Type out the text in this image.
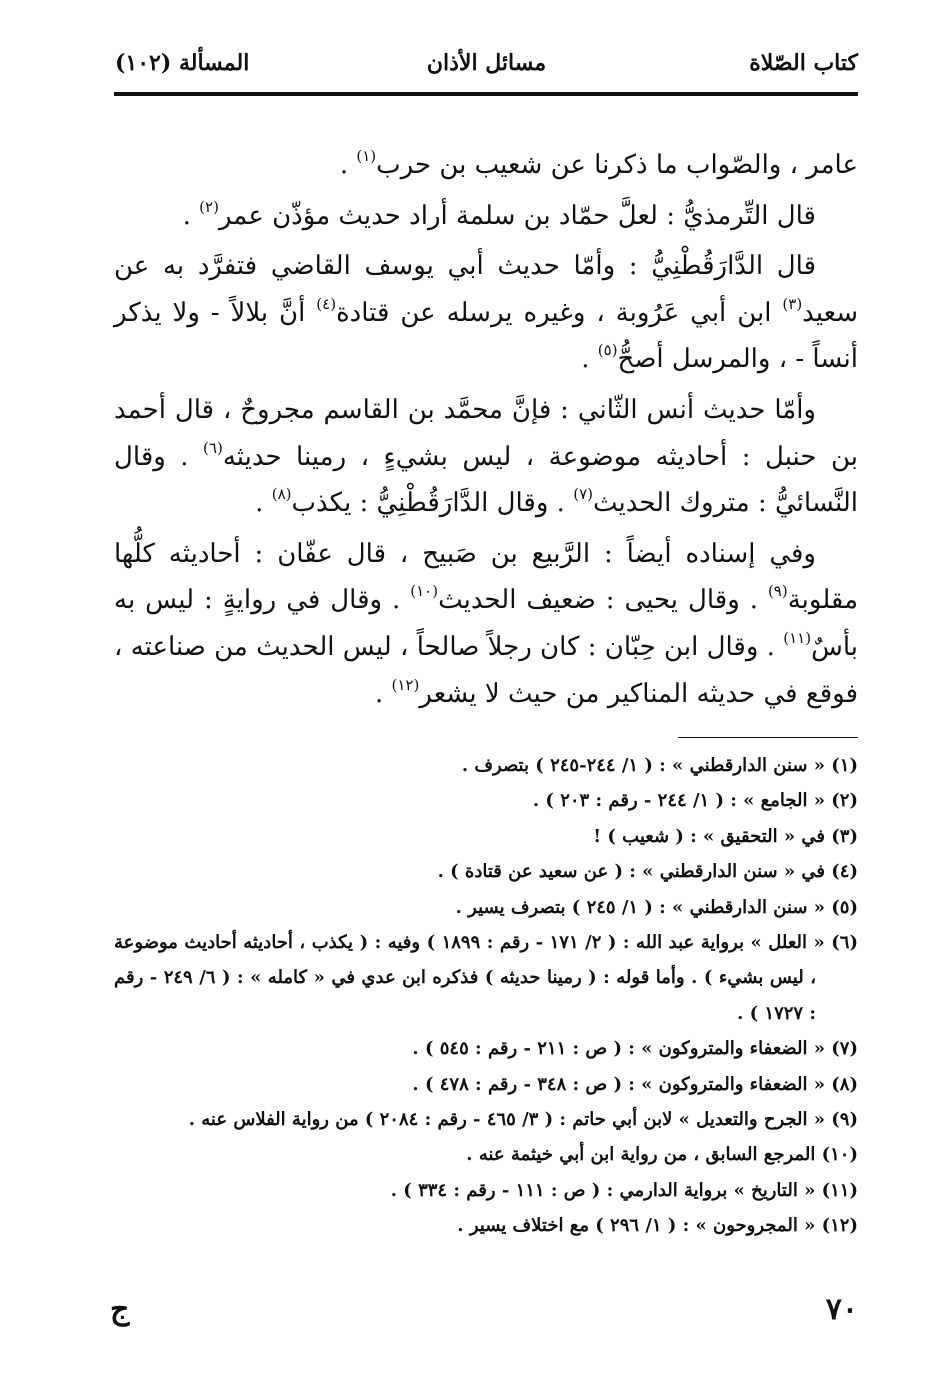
كتاب الصّلاة
مسائل الأذان
المسألة (١٠٢)

عامر ، والصّواب ما ذكرنا عن شعيب بن حرب$^{(١)}$ .

قال التِّرمذيُّ : لعلَّ حمّاد بن سلمة أراد حديث مؤذّن عمر$^{(٢)}$ .

قال الدَّارَقُطْنِيُّ : وأمّا حديث أبي يوسف القاضي فتفرَّد به عن سعيد$^{(٣)}$ ابن أبي عَرُوبة ، وغيره يرسله عن قتادة$^{(٤)}$ أنَّ بلالاً - ولا يذكر أنساً - ، والمرسل أصحُّ$^{(٥)}$ .

وأمّا حديث أنس الثّاني : فإنَّ محمَّد بن القاسم مجروحٌ ، قال أحمد بن حنبل : أحاديثه موضوعة ، ليس بشيءٍ ، رمينا حديثه$^{(٦)}$ . وقال النَّسائيُّ : متروك الحديث$^{(٧)}$ . وقال الدَّارَقُطْنِيُّ : يكذب$^{(٨)}$ .

وفي إسناده أيضاً : الرَّبيع بن صَبيح ، قال عفّان : أحاديثه كلُّها مقلوبة$^{(٩)}$ . وقال يحيى : ضعيف الحديث$^{(١٠)}$ . وقال في روايةٍ : ليس به بأسٌ$^{(١١)}$ . وقال ابن حِبّان : كان رجلاً صالحاً ، ليس الحديث من صناعته ، فوقع في حديثه المناكير من حيث لا يشعر$^{(١٢)}$ .

(١) « سنن الدارقطني » : ( ١/ ٢٤٤-٢٤٥ ) بتصرف .

(٢) « الجامع » : ( ١/ ٢٤٤ - رقم : ٢٠٣ ) .

(٣) في « التحقيق » : ( شعيب ) !

(٤) في « سنن الدارقطني » : ( عن سعيد عن قتادة ) .

(٥) « سنن الدارقطني » : ( ١/ ٢٤٥ ) بتصرف يسير .

(٦) « العلل » برواية عبد الله : ( ٢/ ١٧١ - رقم : ١٨٩٩ ) وفيه : ( يكذب ، أحاديثه أحاديث موضوعة ، ليس بشيء ) . وأما قوله : ( رمينا حديثه ) فذكره ابن عدي في « كامله » : ( ٦/ ٢٤٩ - رقم : ١٧٢٧ ) .

(٧) « الضعفاء والمتروكون » : ( ص : ٢١١ - رقم : ٥٤٥ ) .

(٨) « الضعفاء والمتروكون » : ( ص : ٣٤٨ - رقم : ٤٧٨ ) .

(٩) « الجرح والتعديل » لابن أبي حاتم : ( ٣/ ٤٦٥ - رقم : ٢٠٨٤ ) من رواية الفلاس عنه .

(١٠) المرجع السابق ، من رواية ابن أبي خيثمة عنه .

(١١) « التاريخ » برواية الدارمي : ( ص : ١١١ - رقم : ٣٣٤ ) .

(١٢) « المجروحون » : ( ١/ ٢٩٦ ) مع اختلاف يسير .

٧٠
ج
